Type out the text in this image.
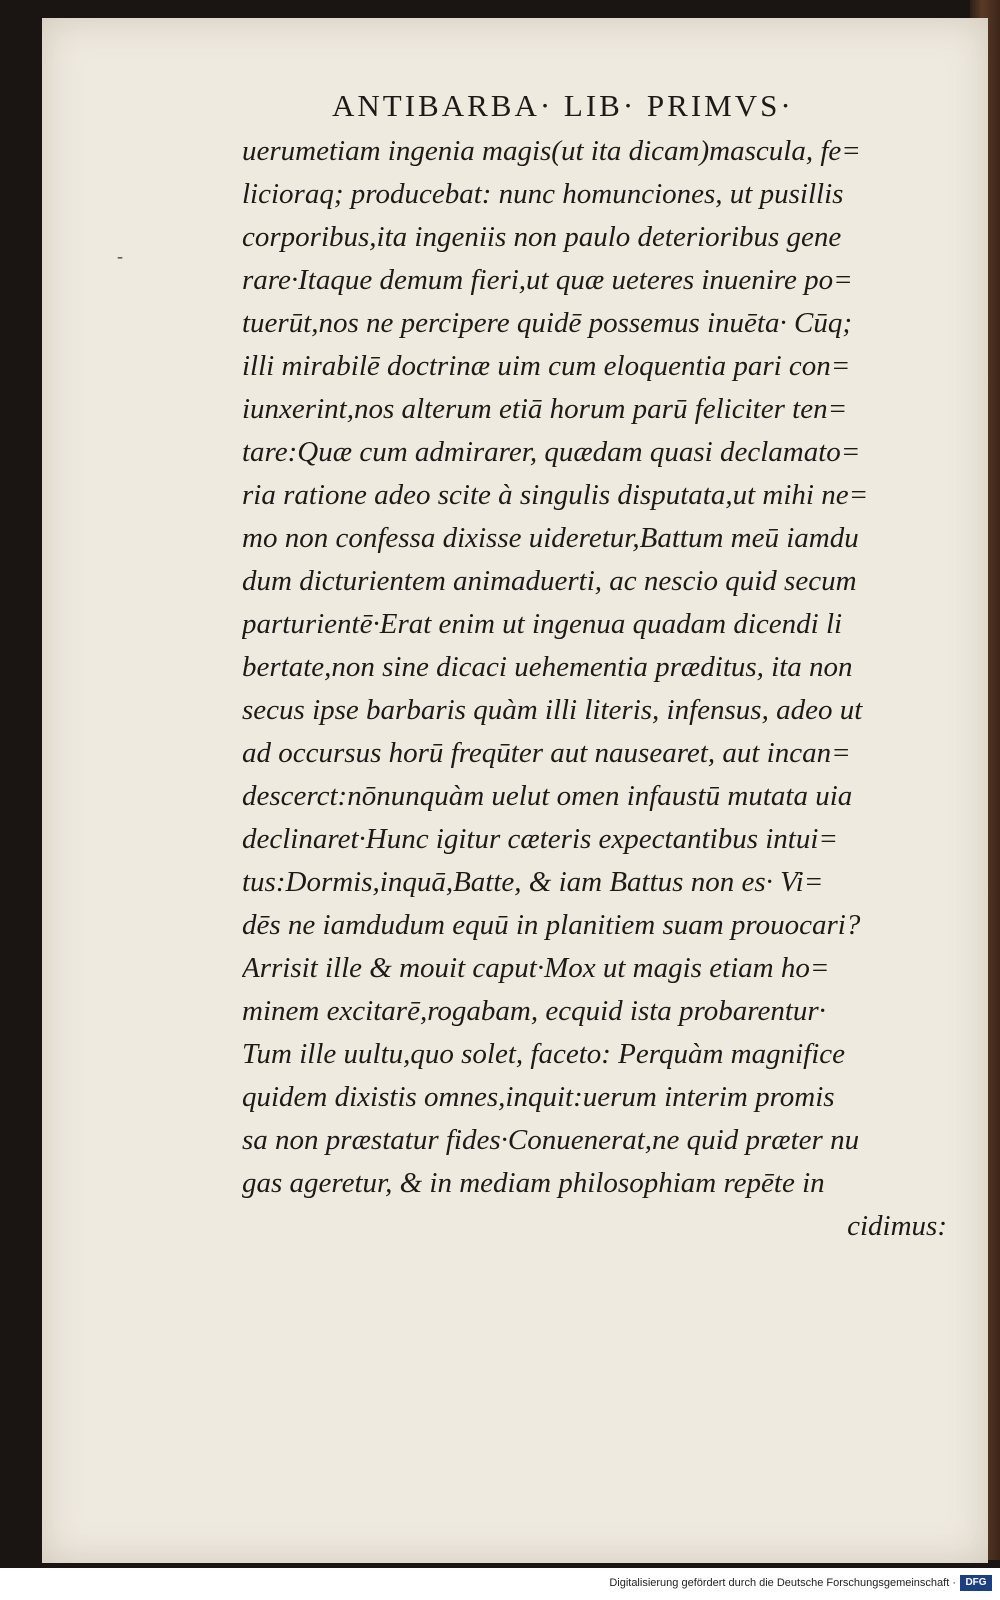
ANTIBARBA· LIB· PRIMVS·
-
uerumetiam ingenia magis(ut ita dicam)mascula, fe=
licioraq; producebat: nunc homunciones, ut pusillis
corporibus,ita ingeniis non paulo deterioribus gene
rare·Itaque demum fieri,ut quæ ueteres inuenire po=
tuerūt,nos ne percipere quidē possemus inuēta· Cūq;
illi mirabilē doctrinæ uim cum eloquentia pari con=
iunxerint,nos alterum etiā horum parū feliciter ten=
tare:Quæ cum admirarer, quædam quasi declamato=
ria ratione adeo scite à singulis disputata,ut mihi ne=
mo non confessa dixisse uideretur,Battum meū iamdu
dum dicturientem animaduerti, ac nescio quid secum
parturientē·Erat enim ut ingenua quadam dicendi li
bertate,non sine dicaci uehementia præditus, ita non
secus ipse barbaris quàm illi literis, infensus, adeo ut
ad occursus horū freqūter aut nausearet, aut incan=
descerct:nōnunquàm uelut omen infaustū mutata uia
declinaret·Hunc igitur cæteris expectantibus intui=
tus:Dormis,inquā,Batte, & iam Battus non es· Vi=
dēs ne iamdudum equū in planitiem suam prouocari?
Arrisit ille & mouit caput·Mox ut magis etiam ho=
minem excitarē,rogabam, ecquid ista probarentur·
Tum ille uultu,quo solet, faceto: Perquàm magnifice
quidem dixistis omnes,inquit:uerum interim promis
sa non præstatur fides·Conuenerat,ne quid præter nu
gas ageretur, & in mediam philosophiam repēte in
cidimus:
Digitalisierung gefördert durch die Deutsche Forschungsgemeinschaft · DFG
